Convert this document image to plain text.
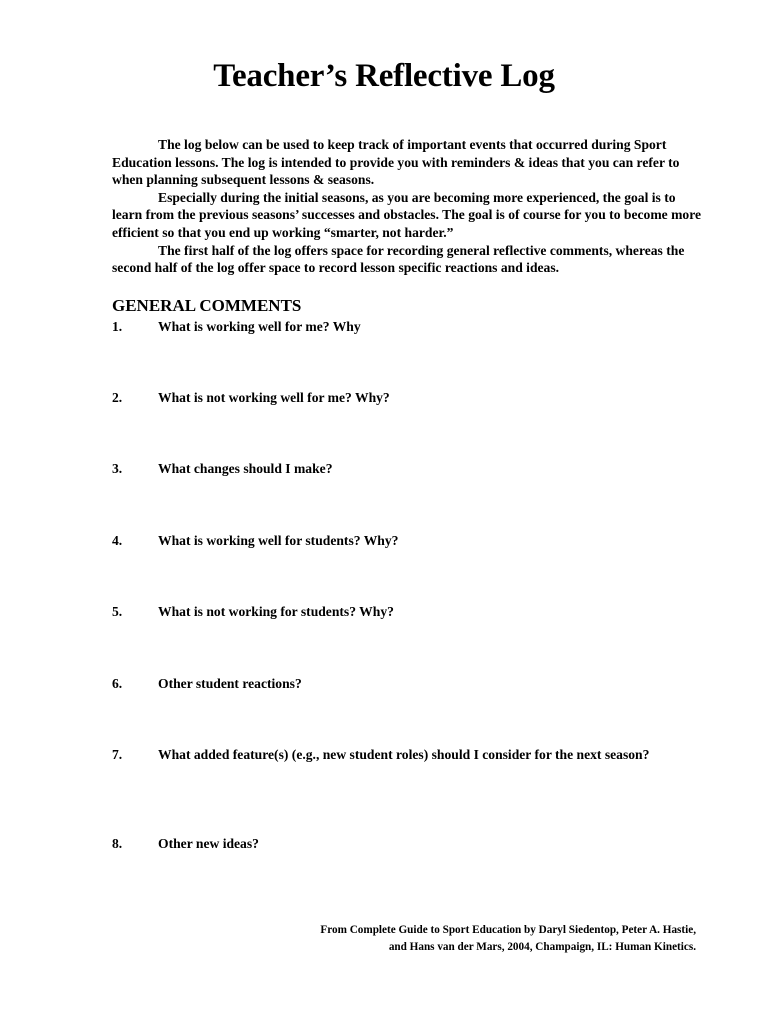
Teacher’s Reflective Log

The log below can be used to keep track of important events that occurred during Sport Education lessons. The log is intended to provide you with reminders & ideas that you can refer to when planning subsequent lessons & seasons.

Especially during the initial seasons, as you are becoming more experienced, the goal is to learn from the previous seasons’ successes and obstacles. The goal is of course for you to become more efficient so that you end up working “smarter, not harder.”

The first half of the log offers space for recording general reflective comments, whereas the second half of the log offer space to record lesson specific reactions and ideas.

GENERAL COMMENTS
1.	What is working well for me? Why
2.	What is not working well for me? Why?
3.	What changes should I make?
4.	What is working well for students? Why?
5.	What is not working for students? Why?
6.	Other student reactions?
7.	What added feature(s) (e.g., new student roles) should I consider for the next season?
8.	Other new ideas?
From Complete Guide to Sport Education by Daryl Siedentop, Peter A. Hastie,
and Hans van der Mars, 2004, Champaign, IL: Human Kinetics.
